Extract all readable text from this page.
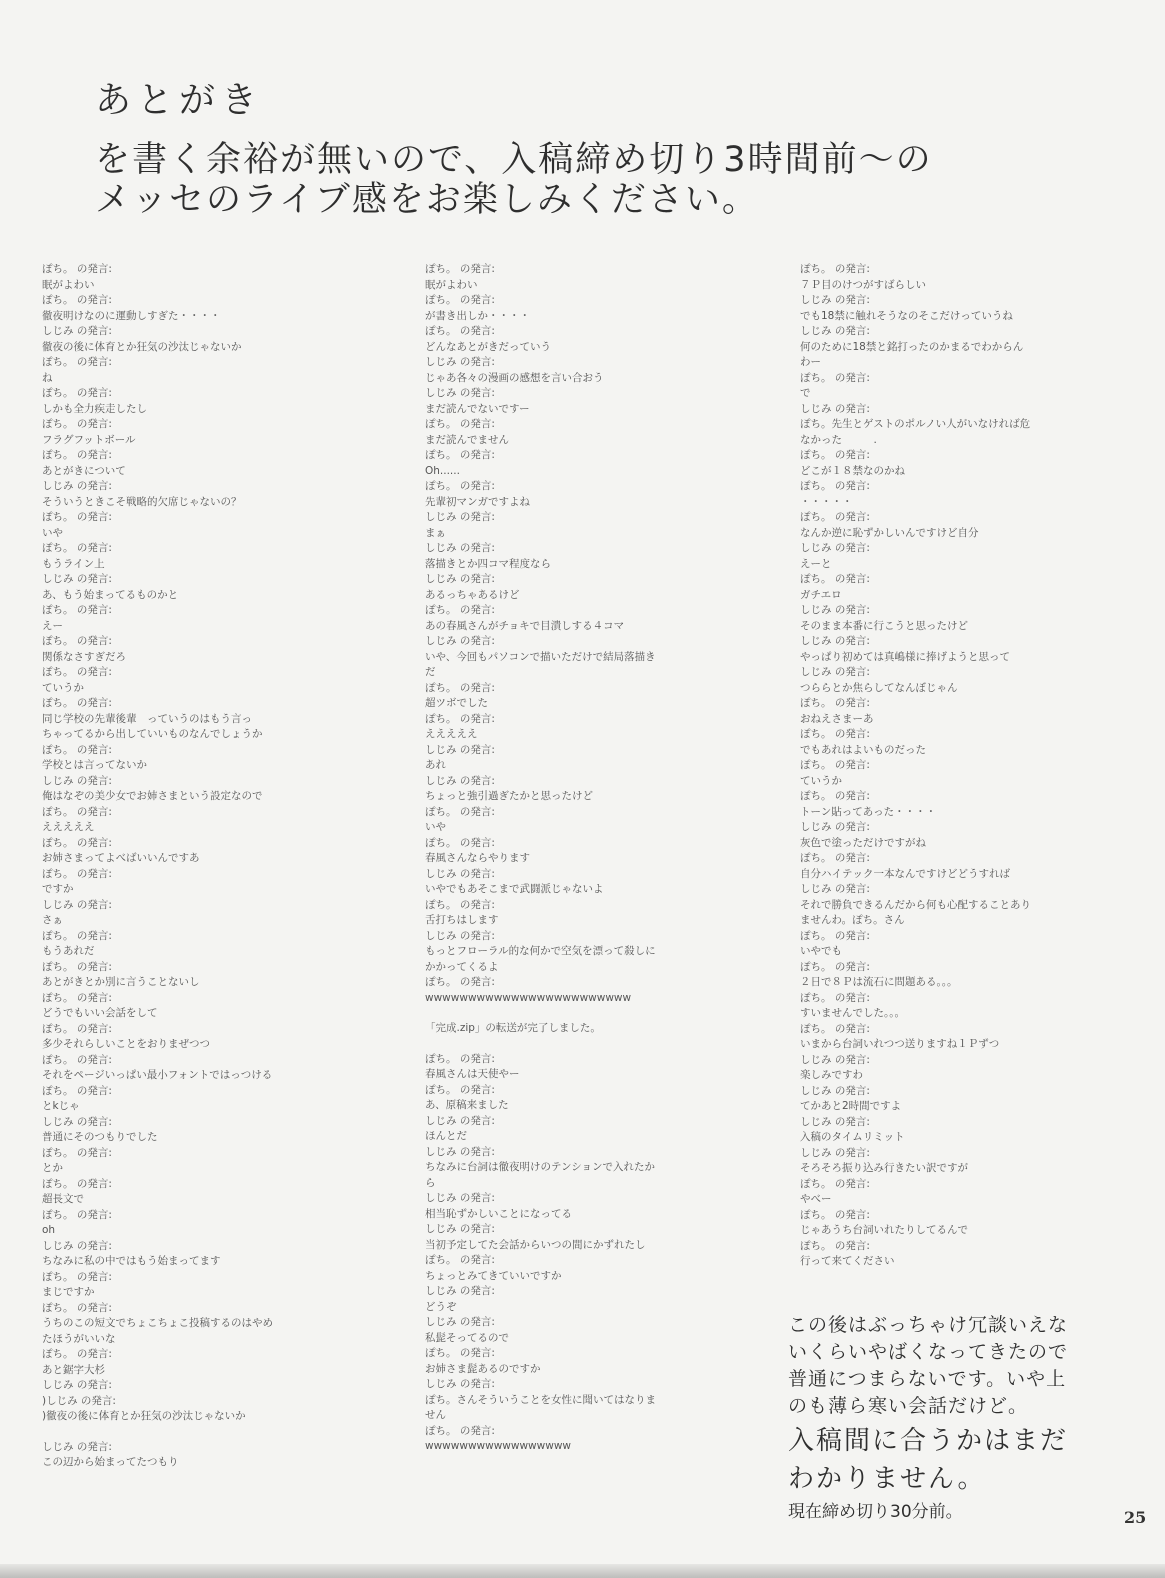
あとがき
を書く余裕が無いので、入稿締め切り3時間前～の
メッセのライブ感をお楽しみください。
ぽち。 の発言:
眠がよわい
ぽち。 の発言:
徹夜明けなのに運動しすぎた・・・・
しじみ の発言:
徹夜の後に体育とか狂気の沙汰じゃないか
ぽち。 の発言:
ね
ぽち。 の発言:
しかも全力疾走したし
ぽち。 の発言:
フラグフットボール
ぽち。 の発言:
あとがきについて
しじみ の発言:
そういうときこそ戦略的欠席じゃないの？
ぽち。 の発言:
いや
ぽち。 の発言:
もうライン上
しじみ の発言:
あ、もう始まってるものかと
ぽち。 の発言:
えー
ぽち。 の発言:
関係なさすぎだろ
ぽち。 の発言:
ていうか
ぽち。 の発言:
同じ学校の先輩後輩　っていうのはもう言っ
ちゃってるから出していいものなんでしょうか
ぽち。 の発言:
学校とは言ってないか
しじみ の発言:
俺はなぞの美少女でお姉さまという設定なので
ぽち。 の発言:
えええええ
ぽち。 の発言:
お姉さまってよべばいいんですあ
ぽち。 の発言:
ですか
しじみ の発言:
さぁ
ぽち。 の発言:
もうあれだ
ぽち。 の発言:
あとがきとか別に言うことないし
ぽち。 の発言:
どうでもいい会話をして
ぽち。 の発言:
多少それらしいことをおりまぜつつ
ぽち。 の発言:
それをページいっぱい最小フォントではっつける
ぽち。 の発言:
とkじゃ
しじみ の発言:
普通にそのつもりでした
ぽち。 の発言:
とか
ぽち。 の発言:
超長文で
ぽち。 の発言:
oh
しじみ の発言:
ちなみに私の中ではもう始まってます
ぽち。 の発言:
まじですか
ぽち。 の発言:
うちのこの短文でちょこちょこ投稿するのはやめ
たほうがいいな
ぽち。 の発言:
あと鋸字大杉
しじみ の発言:
)しじみ の発言:
)徹夜の後に体育とか狂気の沙汰じゃないか
しじみ の発言:
この辺から始まってたつもり
ぽち。 の発言:
眠がよわい
ぽち。 の発言:
が書き出しか・・・・
ぽち。 の発言:
どんなあとがきだっていう
しじみ の発言:
じゃあ各々の漫画の感想を言い合おう
しじみ の発言:
まだ読んでないですー
ぽち。 の発言:
まだ読んでません
ぽち。 の発言:
Oh......
ぽち。 の発言:
先輩初マンガですよね
しじみ の発言:
まぁ
しじみ の発言:
落描きとか四コマ程度なら
しじみ の発言:
あるっちゃあるけど
ぽち。 の発言:
あの春風さんがチョキで目潰しする４コマ
しじみ の発言:
いや、今回もパソコンで描いただけで結局落描き
だ
ぽち。 の発言:
超ツボでした
ぽち。 の発言:
えええええ
しじみ の発言:
あれ
しじみ の発言:
ちょっと強引過ぎたかと思ったけど
ぽち。 の発言:
いや
ぽち。 の発言:
春風さんならやります
しじみ の発言:
いやでもあそこまで武闘派じゃないよ
ぽち。 の発言:
舌打ちはします
しじみ の発言:
もっとフローラル的な何かで空気を漂って殺しに
かかってくるよ
ぽち。 の発言:
wwwwwwwwwwwwwwwwwwwwwwww
「完成.zip」の転送が完了しました。
ぽち。 の発言:
春風さんは天使やー
ぽち。 の発言:
あ、原稿来ました
しじみ の発言:
ほんとだ
しじみ の発言:
ちなみに台詞は徹夜明けのテンションで入れたか
ら
しじみ の発言:
相当恥ずかしいことになってる
しじみ の発言:
当初予定してた会話からいつの間にかずれたし
ぽち。 の発言:
ちょっとみてきていいですか
しじみ の発言:
どうぞ
しじみ の発言:
私髭そってるので
ぽち。 の発言:
お姉さま髭あるのですか
しじみ の発言:
ぽち。さんそういうことを女性に聞いてはなりま
せん
ぽち。 の発言:
wwwwwwwwwwwwwwwww
ぽち。 の発言:
７Ｐ目のけつがすばらしい
しじみ の発言:
でも18禁に触れそうなのそこだけっていうね
しじみ の発言:
何のために18禁と銘打ったのかまるでわからん
わー
ぽち。 の発言:
で
しじみ の発言:
ぽち。先生とゲストのポルノい人がいなければ危
なかった　　　.
ぽち。 の発言:
どこが１８禁なのかね
ぽち。 の発言:
・・・・・
ぽち。 の発言:
なんか逆に恥ずかしいんですけど自分
しじみ の発言:
えーと
ぽち。 の発言:
ガチエロ
しじみ の発言:
そのまま本番に行こうと思ったけど
しじみ の発言:
やっぱり初めては真嶋様に捧げようと思って
しじみ の発言:
つららとか焦らしてなんぼじゃん
ぽち。 の発言:
おねえさまーあ
ぽち。 の発言:
でもあれはよいものだった
ぽち。 の発言:
ていうか
ぽち。 の発言:
トーン貼ってあった・・・・
しじみ の発言:
灰色で塗っただけですがね
ぽち。 の発言:
自分ハイテック一本なんですけどどうすれば
しじみ の発言:
それで勝負できるんだから何も心配することあり
ませんわ。ぽち。さん
ぽち。 の発言:
いやでも
ぽち。 の発言:
２日で８Ｐは流石に問題ある。。。
ぽち。 の発言:
すいませんでした。。。
ぽち。 の発言:
いまから台詞いれつつ送りますね１Ｐずつ
しじみ の発言:
楽しみですわ
しじみ の発言:
てかあと2時間ですよ
しじみ の発言:
入稿のタイムリミット
しじみ の発言:
そろそろ振り込み行きたい訳ですが
ぽち。 の発言:
やべー
ぽち。 の発言:
じゃあうち台詞いれたりしてるんで
ぽち。 の発言:
行って来てください
この後はぶっちゃけ冗談いえな
いくらいやばくなってきたので
普通につまらないです。いや上
のも薄ら寒い会話だけど。
入稿間に合うかはまだ
わかりません。
現在締め切り30分前。	25
